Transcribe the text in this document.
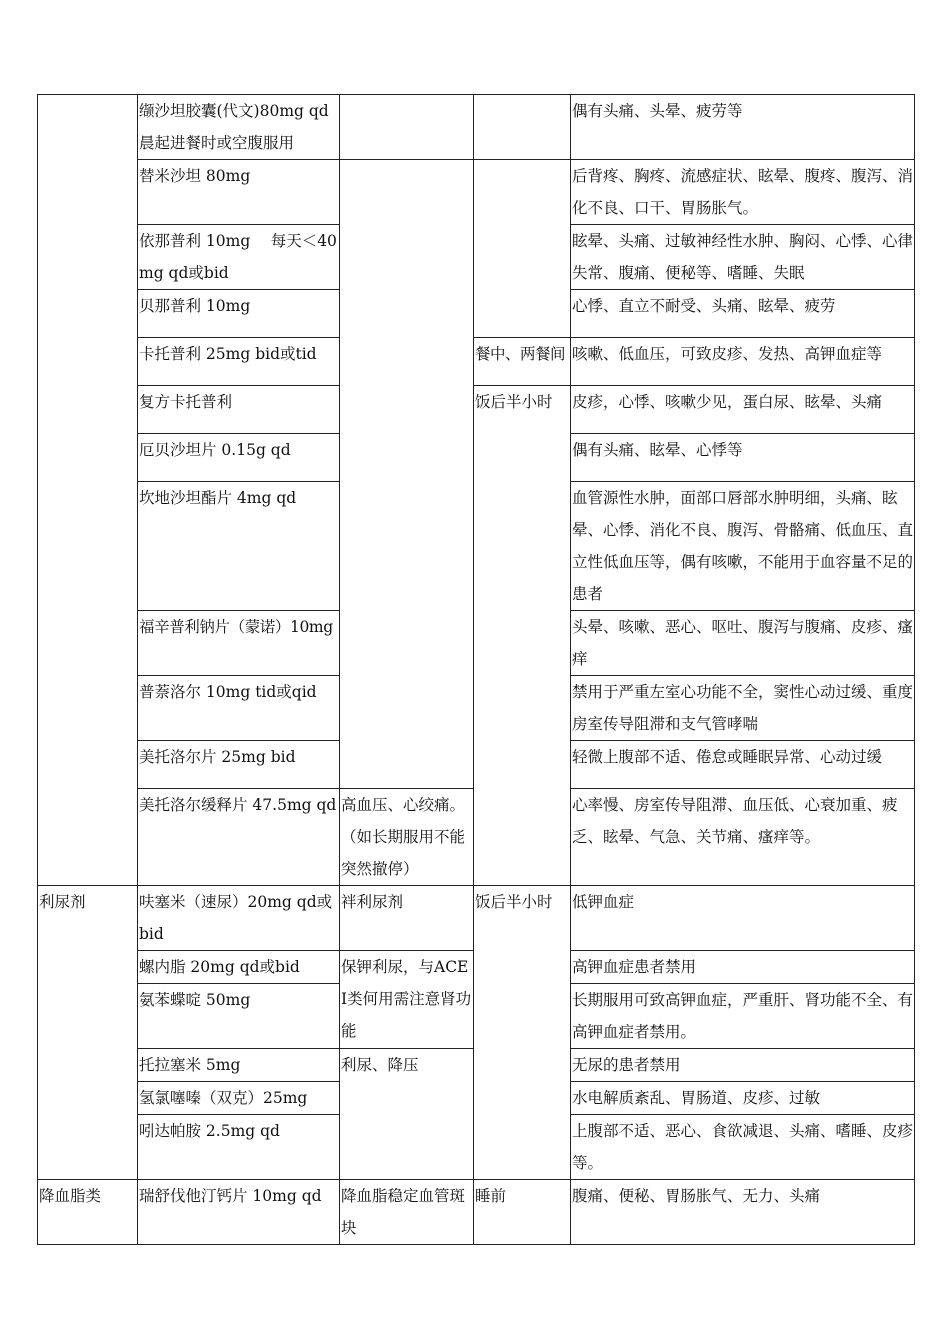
	缬沙坦胶囊(代文)80mg qd 晨起进餐时或空腹服用			偶有头痛、头晕、疲劳等
	替米沙坦 80mg			后背疼、胸疼、流感症状、眩晕、腹疼、腹泻、消化不良、口干、胃肠胀气。
	依那普利 10mg　 每天＜40mg qd或bid			眩晕、头痛、过敏神经性水肿、胸闷、心悸、心律失常、腹痛、便秘等、嗜睡、失眠
	贝那普利 10mg			心悸、直立不耐受、头痛、眩晕、疲劳
	卡托普利 25mg bid或tid		餐中、两餐间	咳嗽、低血压，可致皮疹、发热、高钾血症等
	复方卡托普利		饭后半小时	皮疹，心悸、咳嗽少见，蛋白尿、眩晕、头痛
	厄贝沙坦片 0.15g qd			偶有头痛、眩晕、心悸等
	坎地沙坦酯片 4mg qd			血管源性水肿，面部口唇部水肿明细，头痛、眩晕、心悸、消化不良、腹泻、骨骼痛、低血压、直立性低血压等，偶有咳嗽，不能用于血容量不足的患者
	福辛普利钠片（蒙诺）10mg			头晕、咳嗽、恶心、呕吐、腹泻与腹痛、皮疹、瘙痒
	普萘洛尔 10mg tid或qid			禁用于严重左室心功能不全，窦性心动过缓、重度房室传导阻滞和支气管哮喘
	美托洛尔片 25mg bid			轻微上腹部不适、倦怠或睡眠异常、心动过缓
	美托洛尔缓释片 47.5mg qd	高血压、心绞痛。（如长期服用不能突然撤停）		心率慢、房室传导阻滞、血压低、心衰加重、疲乏、眩晕、气急、关节痛、瘙痒等。
利尿剂	呋塞米（速尿）20mg qd或bid	袢利尿剂	饭后半小时	低钾血症
	螺内脂 20mg qd或bid	保钾利尿，与ACEI类何用需注意肾功能		高钾血症患者禁用
	氨苯蝶啶 50mg			长期服用可致高钾血症，严重肝、肾功能不全、有高钾血症者禁用。
	托拉塞米 5mg	利尿、降压		无尿的患者禁用
	氢氯噻嗪（双克）25mg			水电解质紊乱、胃肠道、皮疹、过敏
	吲达帕胺 2.5mg qd			上腹部不适、恶心、食欲减退、头痛、嗜睡、皮疹等。
降血脂类	瑞舒伐他汀钙片 10mg qd	降血脂稳定血管斑块	睡前	腹痛、便秘、胃肠胀气、无力、头痛
